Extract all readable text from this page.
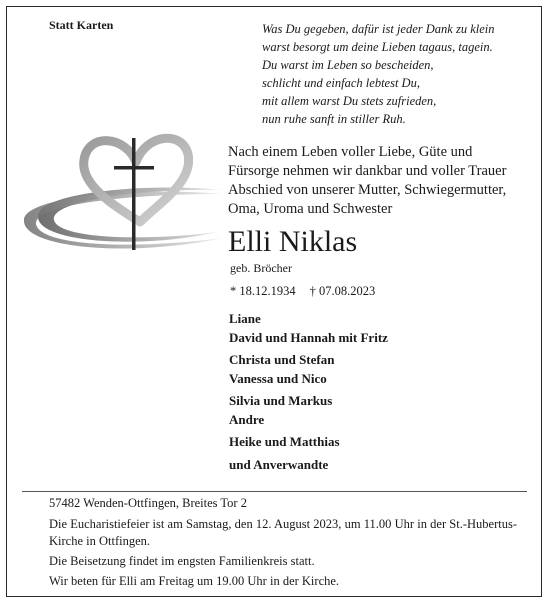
Statt Karten	Was Du gegeben, dafür ist jeder Dank zu klein
warst besorgt um deine Lieben tagaus, tagein.
Du warst im Leben so bescheiden,
schlicht und einfach lebtest Du,
mit allem warst Du stets zufrieden,
nun ruhe sanft in stiller Ruh.
Nach einem Leben voller Liebe, Güte und
Fürsorge nehmen wir dankbar und voller Trauer
Abschied von unserer Mutter, Schwiegermutter,
Oma, Uroma und Schwester
Elli Niklas
geb. Bröcher
* 18.12.1934 † 07.08.2023
Liane
David und Hannah mit Fritz
Christa und Stefan
Vanessa und Nico
Silvia und Markus
Andre
Heike und Matthias
und Anverwandte

57482 Wenden-Ottfingen, Breites Tor 2

Die Eucharistiefeier ist am Samstag, den 12. August 2023, um 11.00 Uhr in der St.-Hubertus-Kirche in Ottfingen.

Die Beisetzung findet im engsten Familienkreis statt.

Wir beten für Elli am Freitag um 19.00 Uhr in der Kirche.
